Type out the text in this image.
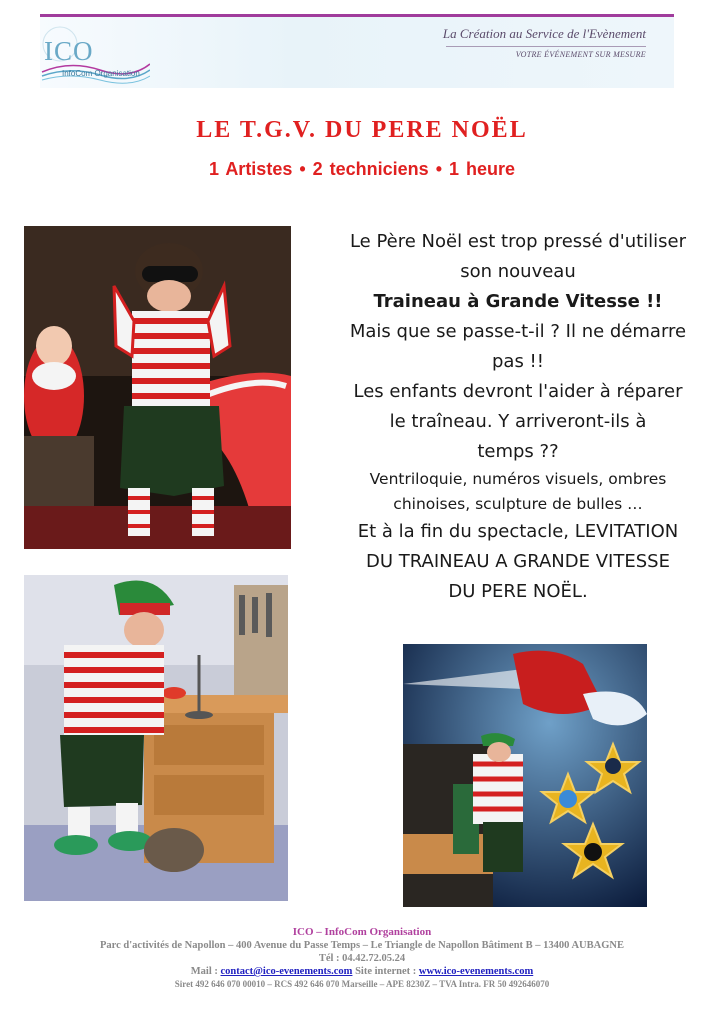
ICO
InfoCom Organisation
La Création au Service de l'Evènement
VOTRE ÉVÉNEMENT SUR MESURE
LE T.G.V. DU PERE NOËL
1 Artistes • 2 techniciens • 1 heure

Le Père Noël est trop pressé d'utiliser

son nouveau

Traineau à Grande Vitesse !!

Mais que se passe-t-il ? Il ne démarre

pas !!

Les enfants devront l'aider à réparer

le traîneau. Y arriveront-ils à

temps ??

Ventriloquie, numéros visuels, ombres

chinoises, sculpture de bulles …

Et à la fin du spectacle, LEVITATION

DU TRAINEAU A GRANDE VITESSE

DU PERE NOËL.

ICO – InfoCom Organisation
Parc d'activités de Napollon – 400 Avenue du Passe Temps – Le Triangle de Napollon Bâtiment B – 13400 AUBAGNE
Tél : 04.42.72.05.24
Mail : contact@ico-evenements.com Site internet : www.ico-evenements.com
Siret 492 646 070 00010 – RCS 492 646 070 Marseille – APE 8230Z – TVA Intra. FR 50 492646070
